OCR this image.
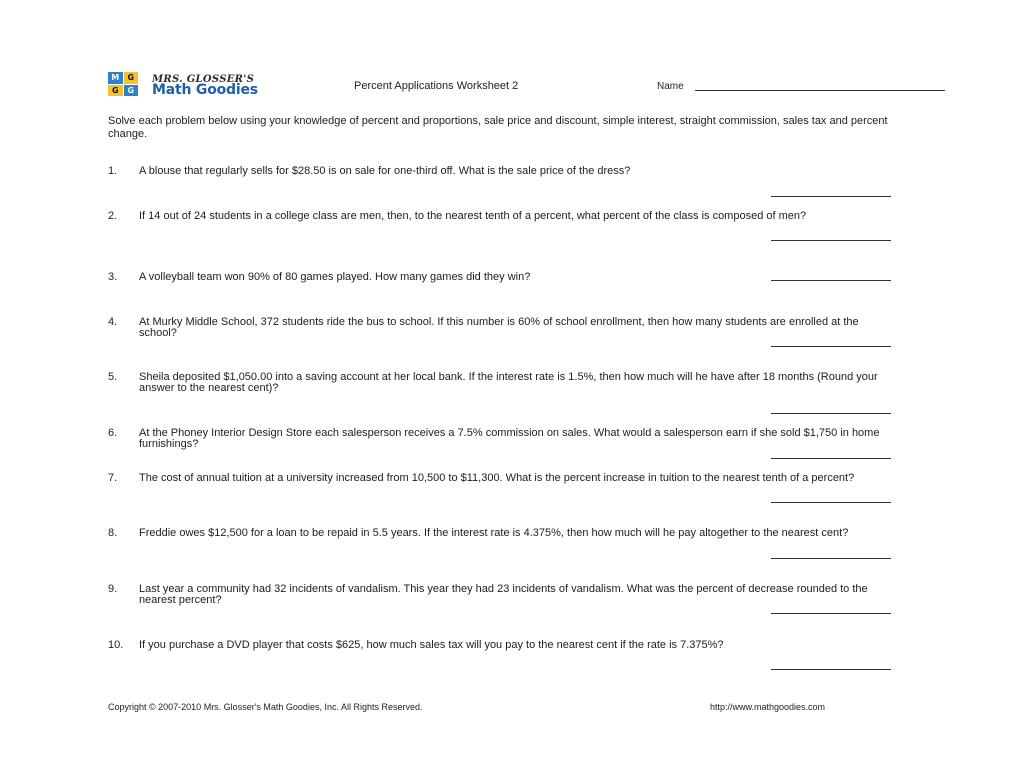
M	G
G	G
MRS. GLOSSER'S
Math Goodies	Percent Applications Worksheet 2	Name

Solve each problem below using your knowledge of percent and proportions, sale price and discount, simple interest, straight commission, sales tax and percent change.

1. A blouse that regularly sells for $28.50 is on sale for one-third off. What is the sale price of the dress?
2. If 14 out of 24 students in a college class are men, then, to the nearest tenth of a percent, what percent of the class is composed of men?
3. A volleyball team won 90% of 80 games played. How many games did they win?
4. At Murky Middle School, 372 students ride the bus to school. If this number is 60% of school enrollment, then how many students are enrolled at the school?
5. Sheila deposited $1,050.00 into a saving account at her local bank. If the interest rate is 1.5%, then how much will he have after 18 months (Round your answer to the nearest cent)?
6. At the Phoney Interior Design Store each salesperson receives a 7.5% commission on sales. What would a salesperson earn if she sold $1,750 in home furnishings?
7. The cost of annual tuition at a university increased from 10,500 to $11,300. What is the percent increase in tuition to the nearest tenth of a percent?
8. Freddie owes $12,500 for a loan to be repaid in 5.5 years. If the interest rate is 4.375%, then how much will he pay altogether to the nearest cent?
9. Last year a community had 32 incidents of vandalism. This year they had 23 incidents of vandalism. What was the percent of decrease rounded to the nearest percent?
10. If you purchase a DVD player that costs $625, how much sales tax will you pay to the nearest cent if the rate is 7.375%?
Copyright © 2007-2010 Mrs. Glosser's Math Goodies, Inc. All Rights Reserved.	http://www.mathgoodies.com
